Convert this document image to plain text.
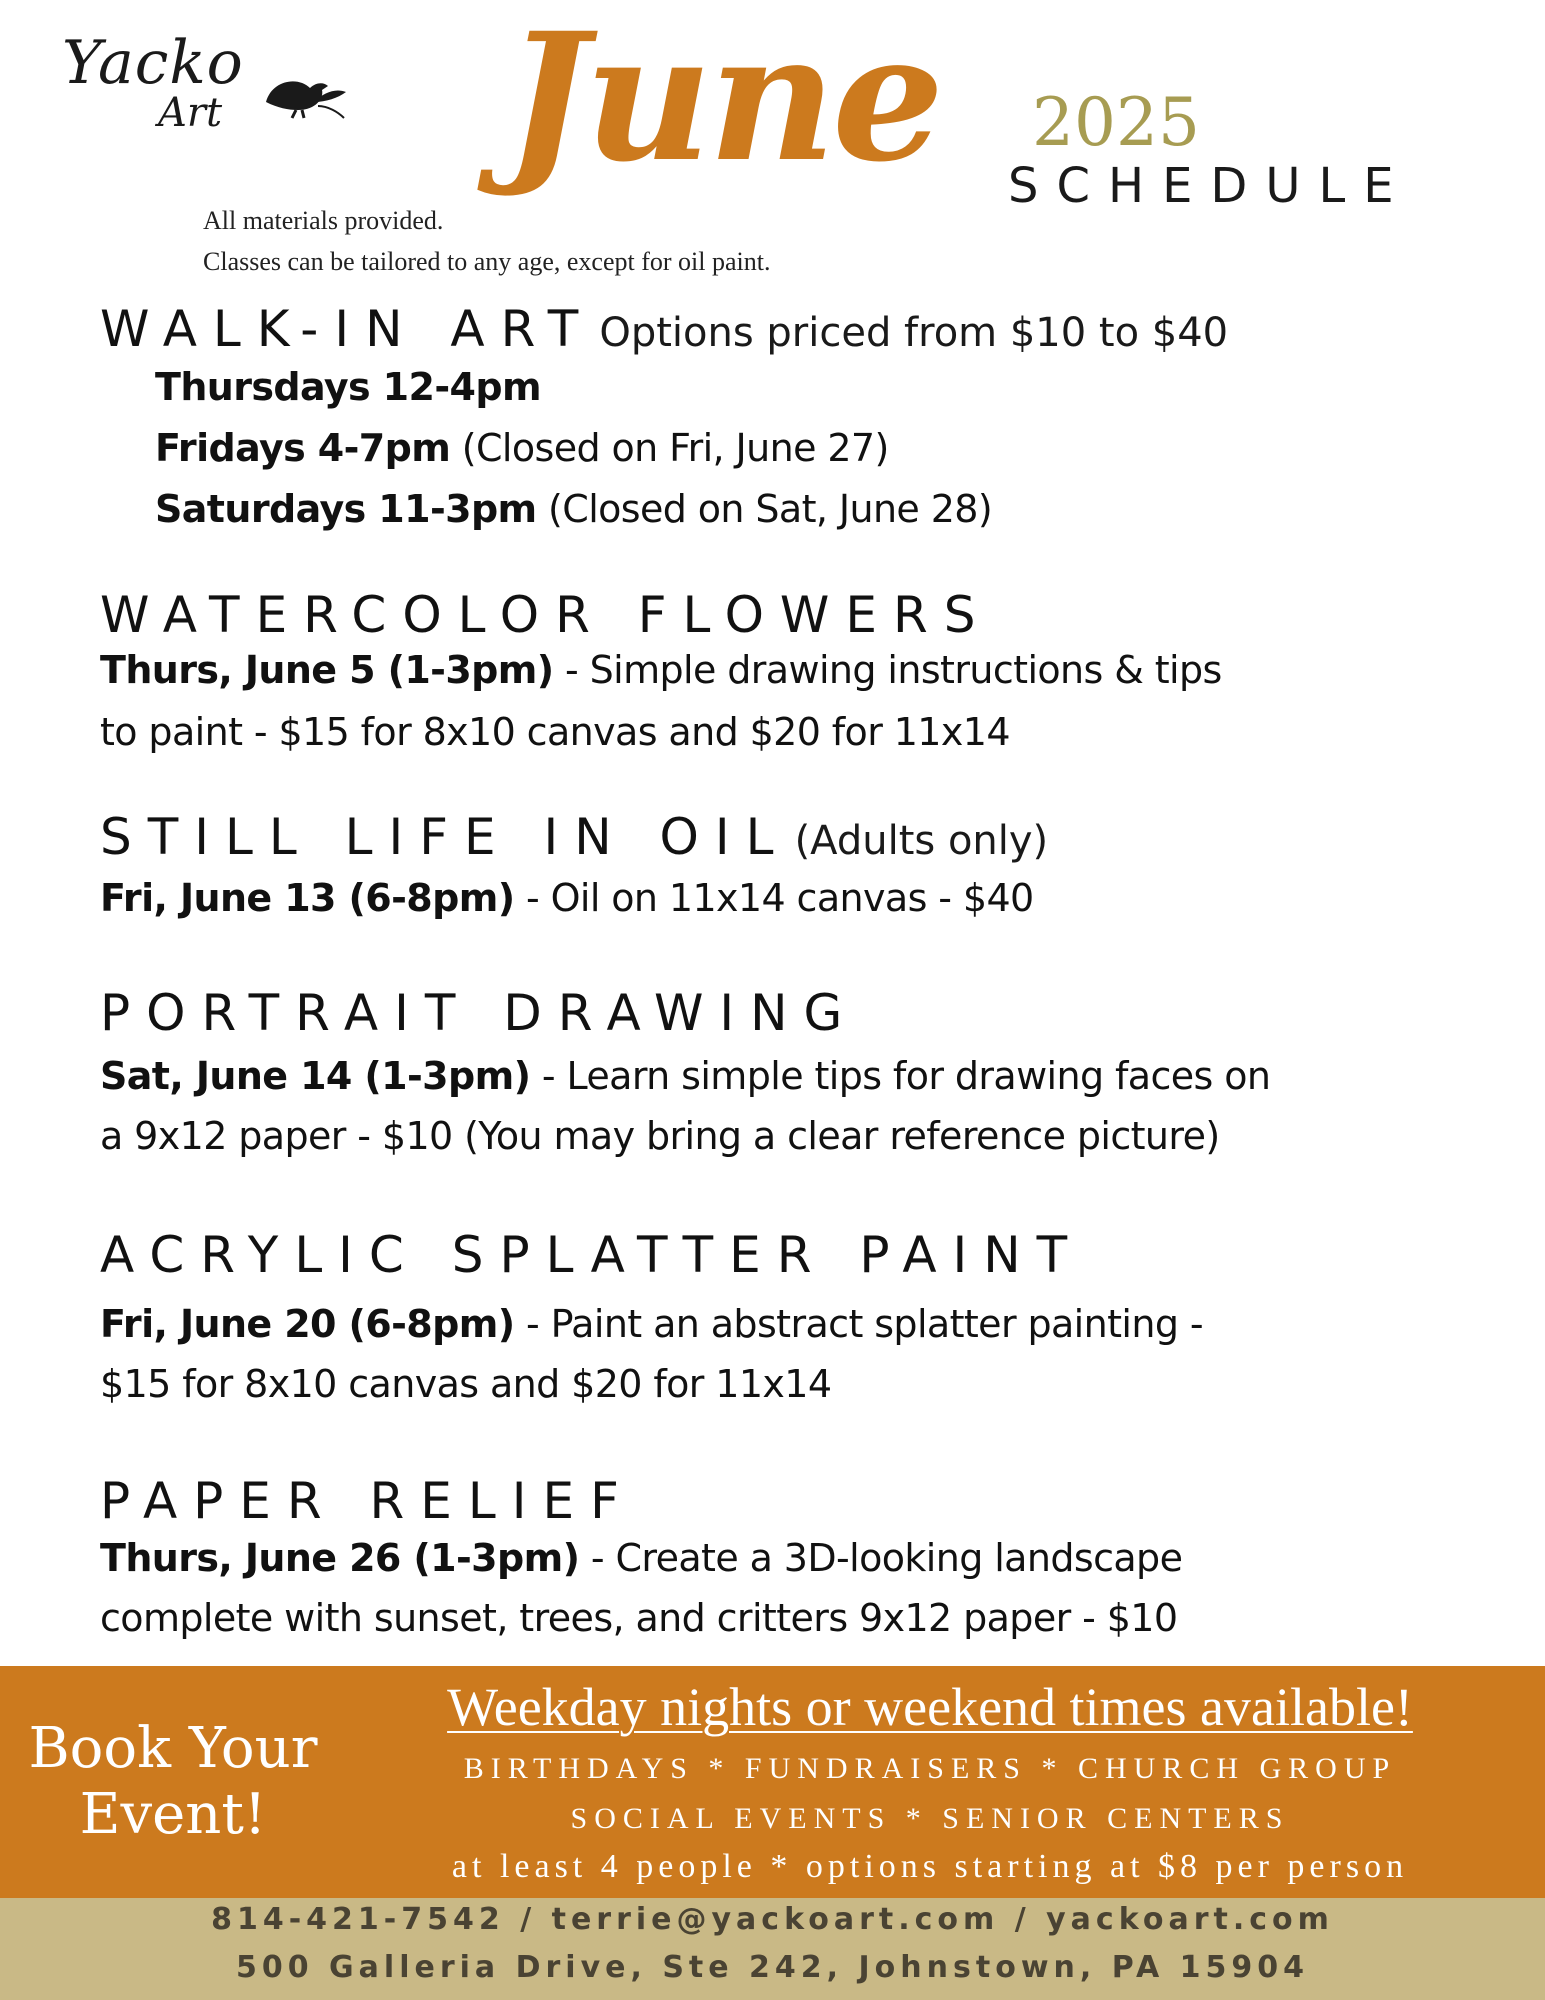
Yacko
Art June 2025
SCHEDULE
All materials provided.
Classes can be tailored to any age, except for oil paint.
WALK-IN ART Options priced from $10 to $40
Thursdays 12-4pm
Fridays 4-7pm (Closed on Fri, June 27)
Saturdays 11-3pm (Closed on Sat, June 28)
WATERCOLOR FLOWERS
Thurs, June 5 (1-3pm) - Simple drawing instructions & tips
to paint - $15 for 8x10 canvas and $20 for 11x14
STILL LIFE IN OIL (Adults only)
Fri, June 13 (6-8pm) - Oil on 11x14 canvas - $40
PORTRAIT DRAWING
Sat, June 14 (1-3pm) - Learn simple tips for drawing faces on
a 9x12 paper - $10 (You may bring a clear reference picture)
ACRYLIC SPLATTER PAINT
Fri, June 20 (6-8pm) - Paint an abstract splatter painting -
$15 for 8x10 canvas and $20 for 11x14
PAPER RELIEF
Thurs, June 26 (1-3pm) - Create a 3D-looking landscape
complete with sunset, trees, and critters 9x12 paper - $10
Book Your
Event!
Weekday nights or weekend times available!
BIRTHDAYS * FUNDRAISERS * CHURCH GROUP
SOCIAL EVENTS * SENIOR CENTERS
at least 4 people * options starting at $8 per person
814-421-7542 / terrie@yackoart.com / yackoart.com
500 Galleria Drive, Ste 242, Johnstown, PA 15904
